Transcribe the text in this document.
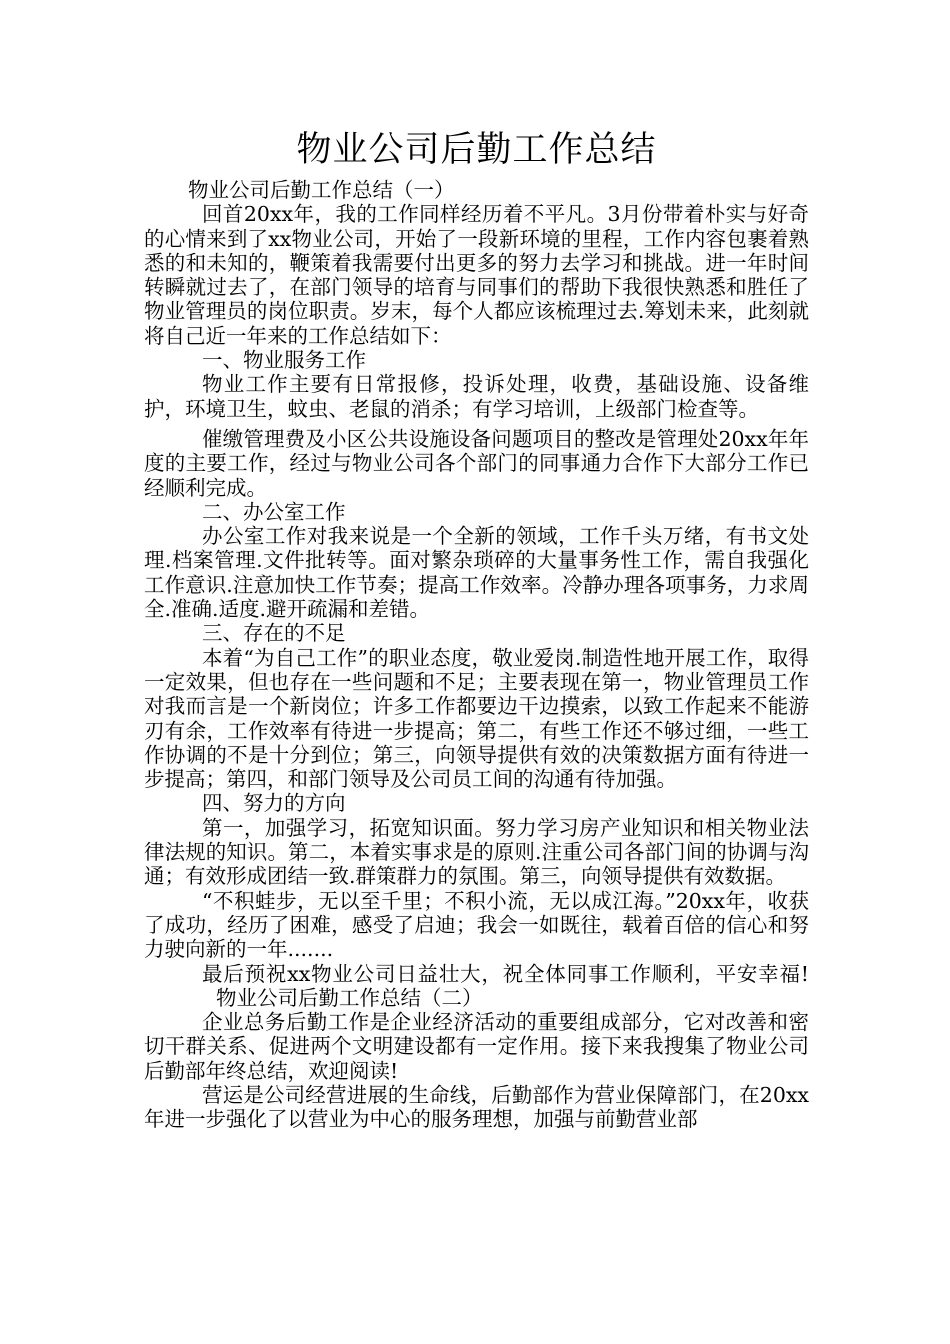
物业公司后勤工作总结

物业公司后勤工作总结（一）

回首20xx年，我的工作同样经历着不平凡。3月份带着朴实与好奇的心情来到了xx物业公司，开始了一段新环境的里程，工作内容包裹着熟悉的和未知的，鞭策着我需要付出更多的努力去学习和挑战。进一年时间转瞬就过去了，在部门领导的培育与同事们的帮助下我很快熟悉和胜任了物业管理员的岗位职责。岁末，每个人都应该梳理过去.筹划未来，此刻就将自己近一年来的工作总结如下：

一、物业服务工作

物业工作主要有日常报修，投诉处理，收费，基础设施、设备维护，环境卫生，蚊虫、老鼠的消杀；有学习培训，上级部门检查等。

催缴管理费及小区公共设施设备问题项目的整改是管理处20xx年年度的主要工作，经过与物业公司各个部门的同事通力合作下大部分工作已经顺利完成。

二、办公室工作

办公室工作对我来说是一个全新的领域，工作千头万绪，有书文处理.档案管理.文件批转等。面对繁杂琐碎的大量事务性工作，需自我强化工作意识.注意加快工作节奏；提高工作效率。冷静办理各项事务，力求周全.准确.适度.避开疏漏和差错。

三、存在的不足

本着“为自己工作”的职业态度，敬业爱岗.制造性地开展工作，取得一定效果，但也存在一些问题和不足；主要表现在第一，物业管理员工作对我而言是一个新岗位；许多工作都要边干边摸索，以致工作起来不能游刃有余，工作效率有待进一步提高；第二，有些工作还不够过细，一些工作协调的不是十分到位；第三，向领导提供有效的决策数据方面有待进一步提高；第四，和部门领导及公司员工间的沟通有待加强。

四、努力的方向

第一，加强学习，拓宽知识面。努力学习房产业知识和相关物业法律法规的知识。第二，本着实事求是的原则.注重公司各部门间的协调与沟通；有效形成团结一致.群策群力的氛围。第三，向领导提供有效数据。

“不积蛙步，无以至千里；不积小流，无以成江海。”20xx年，收获了成功，经历了困难，感受了启迪；我会一如既往，载着百倍的信心和努力驶向新的一年.......

最后预祝xx物业公司日益壮大，祝全体同事工作顺利，平安幸福!物业公司后勤工作总结（二）

企业总务后勤工作是企业经济活动的重要组成部分，它对改善和密切干群关系、促进两个文明建设都有一定作用。接下来我搜集了物业公司后勤部年终总结，欢迎阅读!

营运是公司经营进展的生命线，后勤部作为营业保障部门，在20xx年进一步强化了以营业为中心的服务理想，加强与前勤营业部
